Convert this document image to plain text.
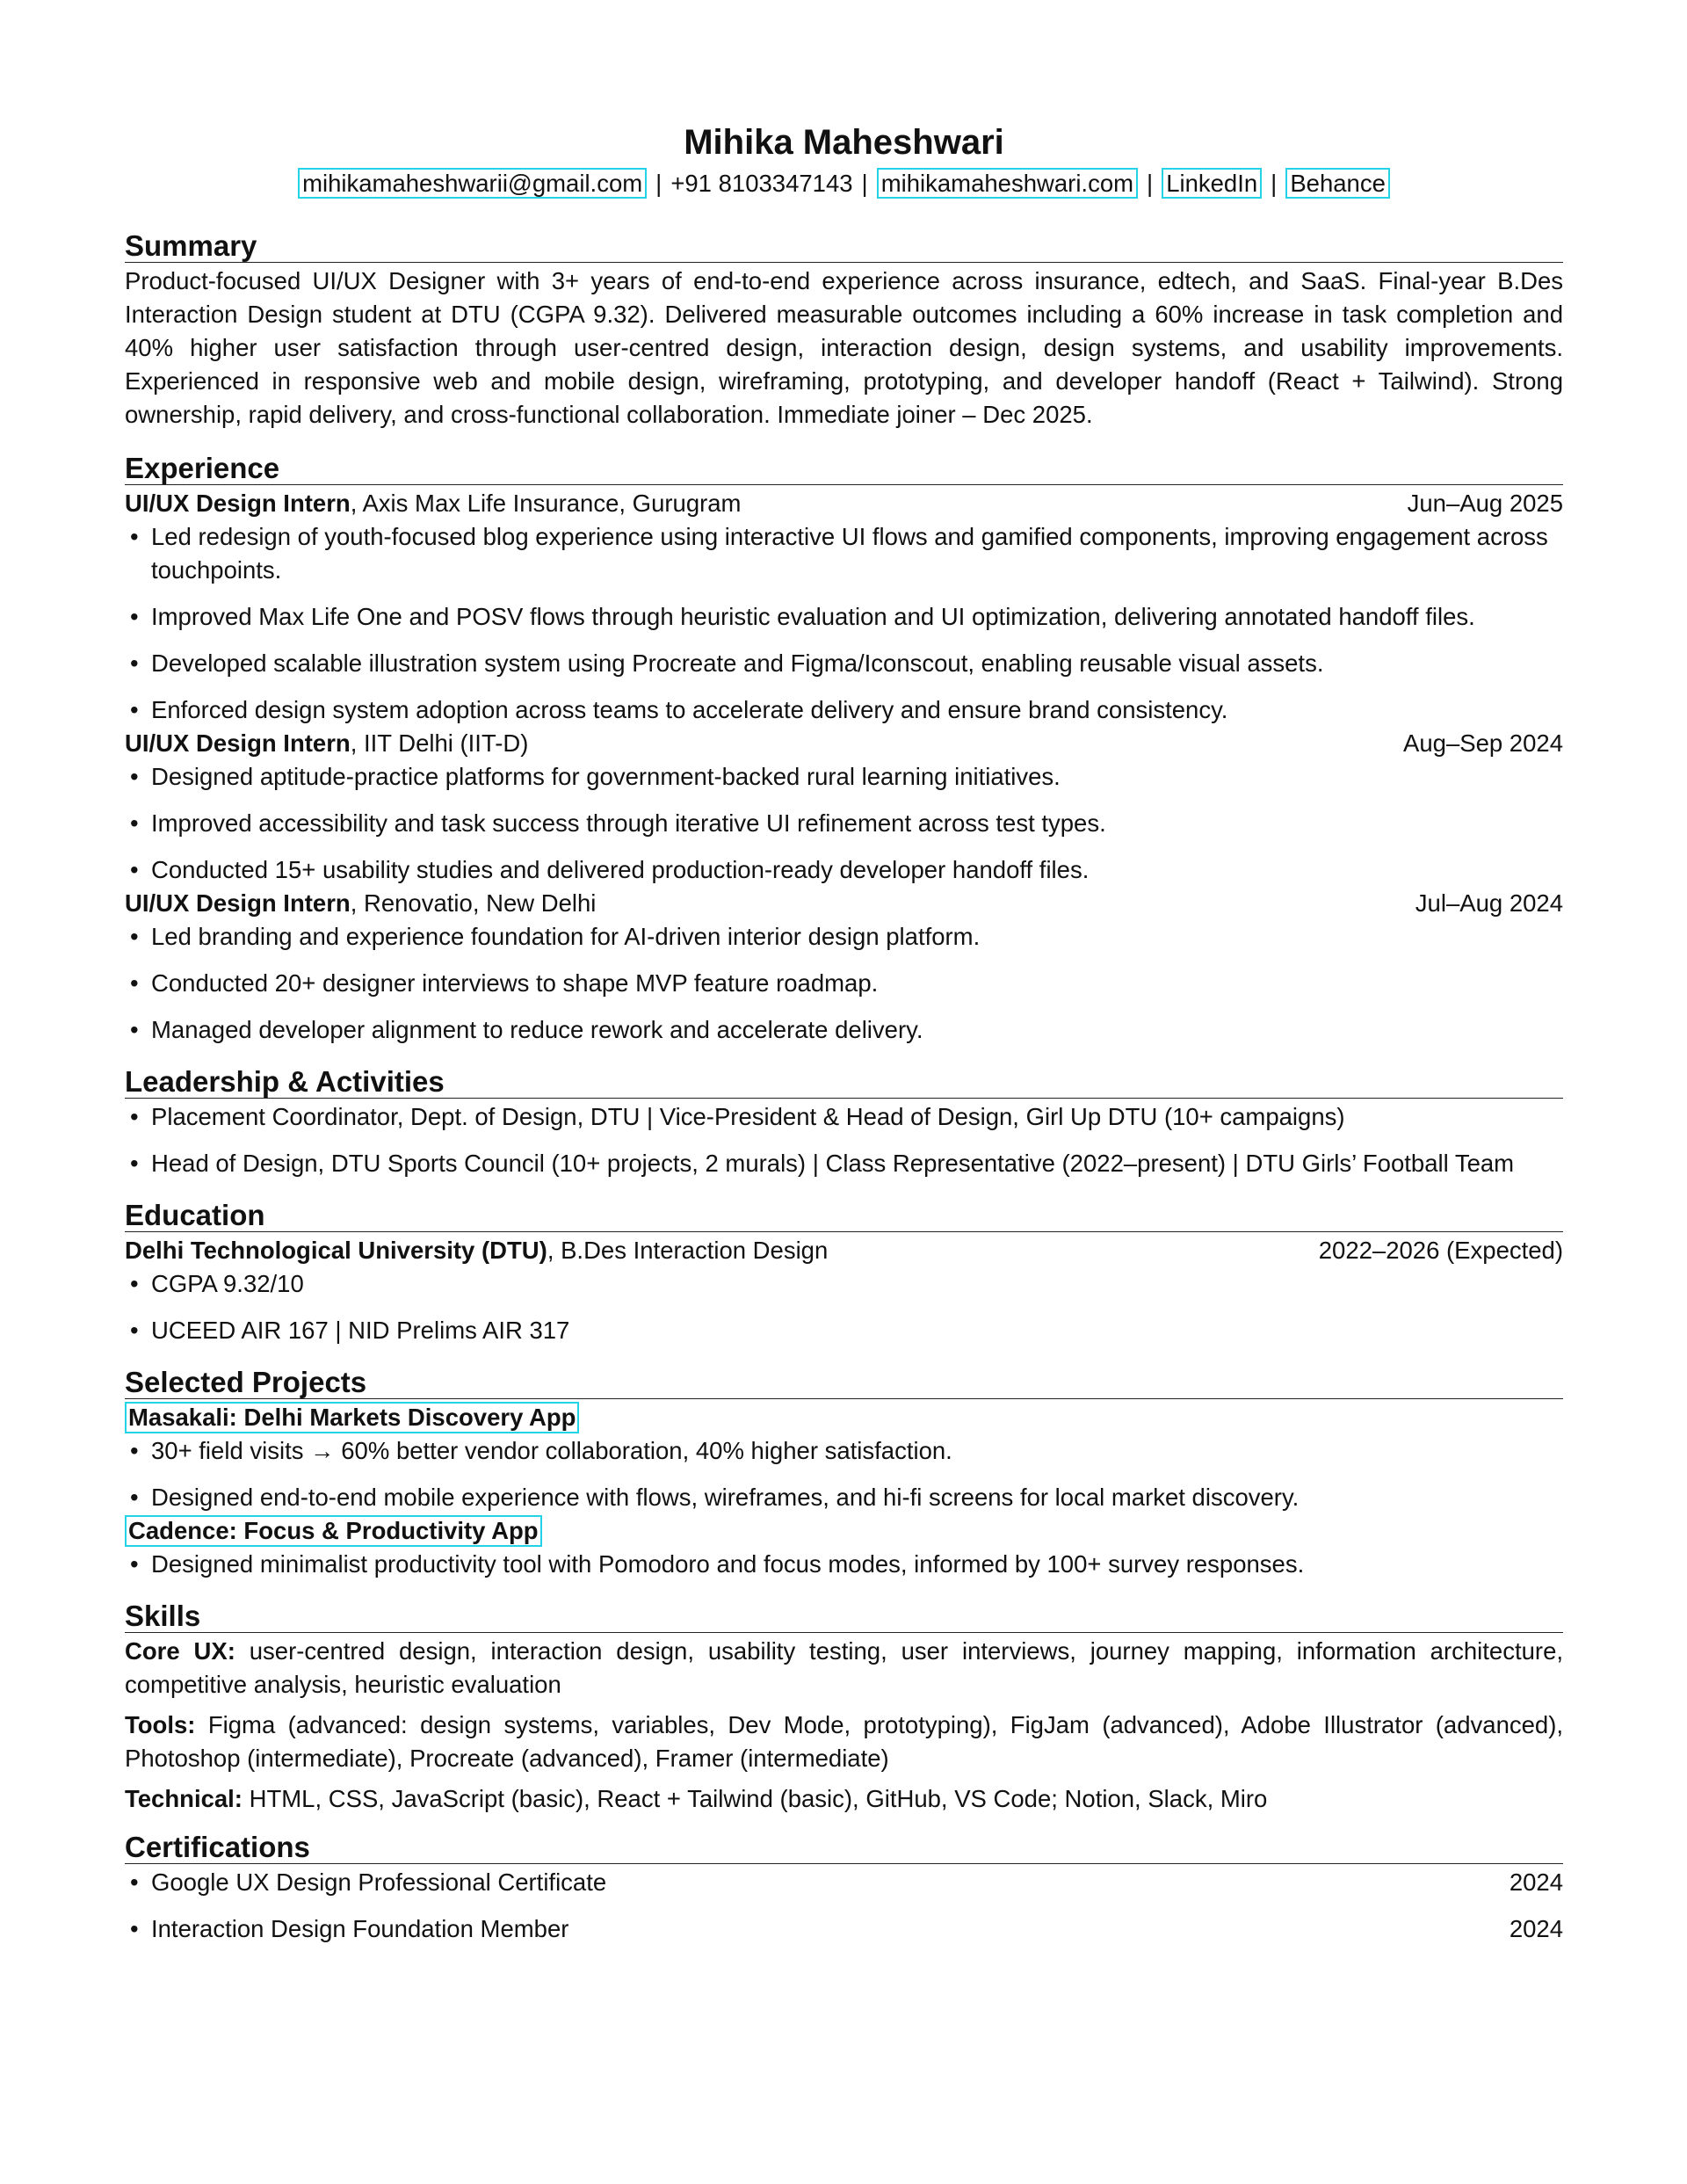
Mihika Maheshwari
mihikamaheshwarii@gmail.com | +91 8103347143 | mihikamaheshwari.com | LinkedIn | Behance
Summary

Product-focused UI/UX Designer with 3+ years of end-to-end experience across insurance, edtech, and SaaS. Final-year B.Des Interaction Design student at DTU (CGPA 9.32). Delivered measurable outcomes including a 60% increase in task completion and 40% higher user satisfaction through user-centred design, interaction design, design systems, and usability improvements. Experienced in responsive web and mobile design, wireframing, prototyping, and developer handoff (React + Tailwind). Strong ownership, rapid delivery, and cross-functional collaboration. Immediate joiner – Dec 2025.

Experience
UI/UX Design Intern, Axis Max Life Insurance, Gurugram	Jun–Aug 2025
• Led redesign of youth-focused blog experience using interactive UI flows and gamified components, improving engagement across touchpoints.
• Improved Max Life One and POSV flows through heuristic evaluation and UI optimization, delivering annotated handoff files.
• Developed scalable illustration system using Procreate and Figma/Iconscout, enabling reusable visual assets.
• Enforced design system adoption across teams to accelerate delivery and ensure brand consistency.
UI/UX Design Intern, IIT Delhi (IIT-D)	Aug–Sep 2024
• Designed aptitude-practice platforms for government-backed rural learning initiatives.
• Improved accessibility and task success through iterative UI refinement across test types.
• Conducted 15+ usability studies and delivered production-ready developer handoff files.
UI/UX Design Intern, Renovatio, New Delhi	Jul–Aug 2024
• Led branding and experience foundation for AI-driven interior design platform.
• Conducted 20+ designer interviews to shape MVP feature roadmap.
• Managed developer alignment to reduce rework and accelerate delivery.
Leadership & Activities
• Placement Coordinator, Dept. of Design, DTU | Vice-President & Head of Design, Girl Up DTU (10+ campaigns)
• Head of Design, DTU Sports Council (10+ projects, 2 murals) | Class Representative (2022–present) | DTU Girls’ Football Team
Education
Delhi Technological University (DTU), B.Des Interaction Design	2022–2026 (Expected)
• CGPA 9.32/10
• UCEED AIR 167 | NID Prelims AIR 317
Selected Projects
Masakali: Delhi Markets Discovery App
• 30+ field visits → 60% better vendor collaboration, 40% higher satisfaction.
• Designed end-to-end mobile experience with flows, wireframes, and hi-fi screens for local market discovery.
Cadence: Focus & Productivity App
• Designed minimalist productivity tool with Pomodoro and focus modes, informed by 100+ survey responses.
Skills

Core UX: user-centred design, interaction design, usability testing, user interviews, journey mapping, information architecture, competitive analysis, heuristic evaluation

Tools: Figma (advanced: design systems, variables, Dev Mode, prototyping), FigJam (advanced), Adobe Illustrator (advanced), Photoshop (intermediate), Procreate (advanced), Framer (intermediate)

Technical: HTML, CSS, JavaScript (basic), React + Tailwind (basic), GitHub, VS Code; Notion, Slack, Miro

Certifications
• Google UX Design Professional Certificate	2024
• Interaction Design Foundation Member	2024
